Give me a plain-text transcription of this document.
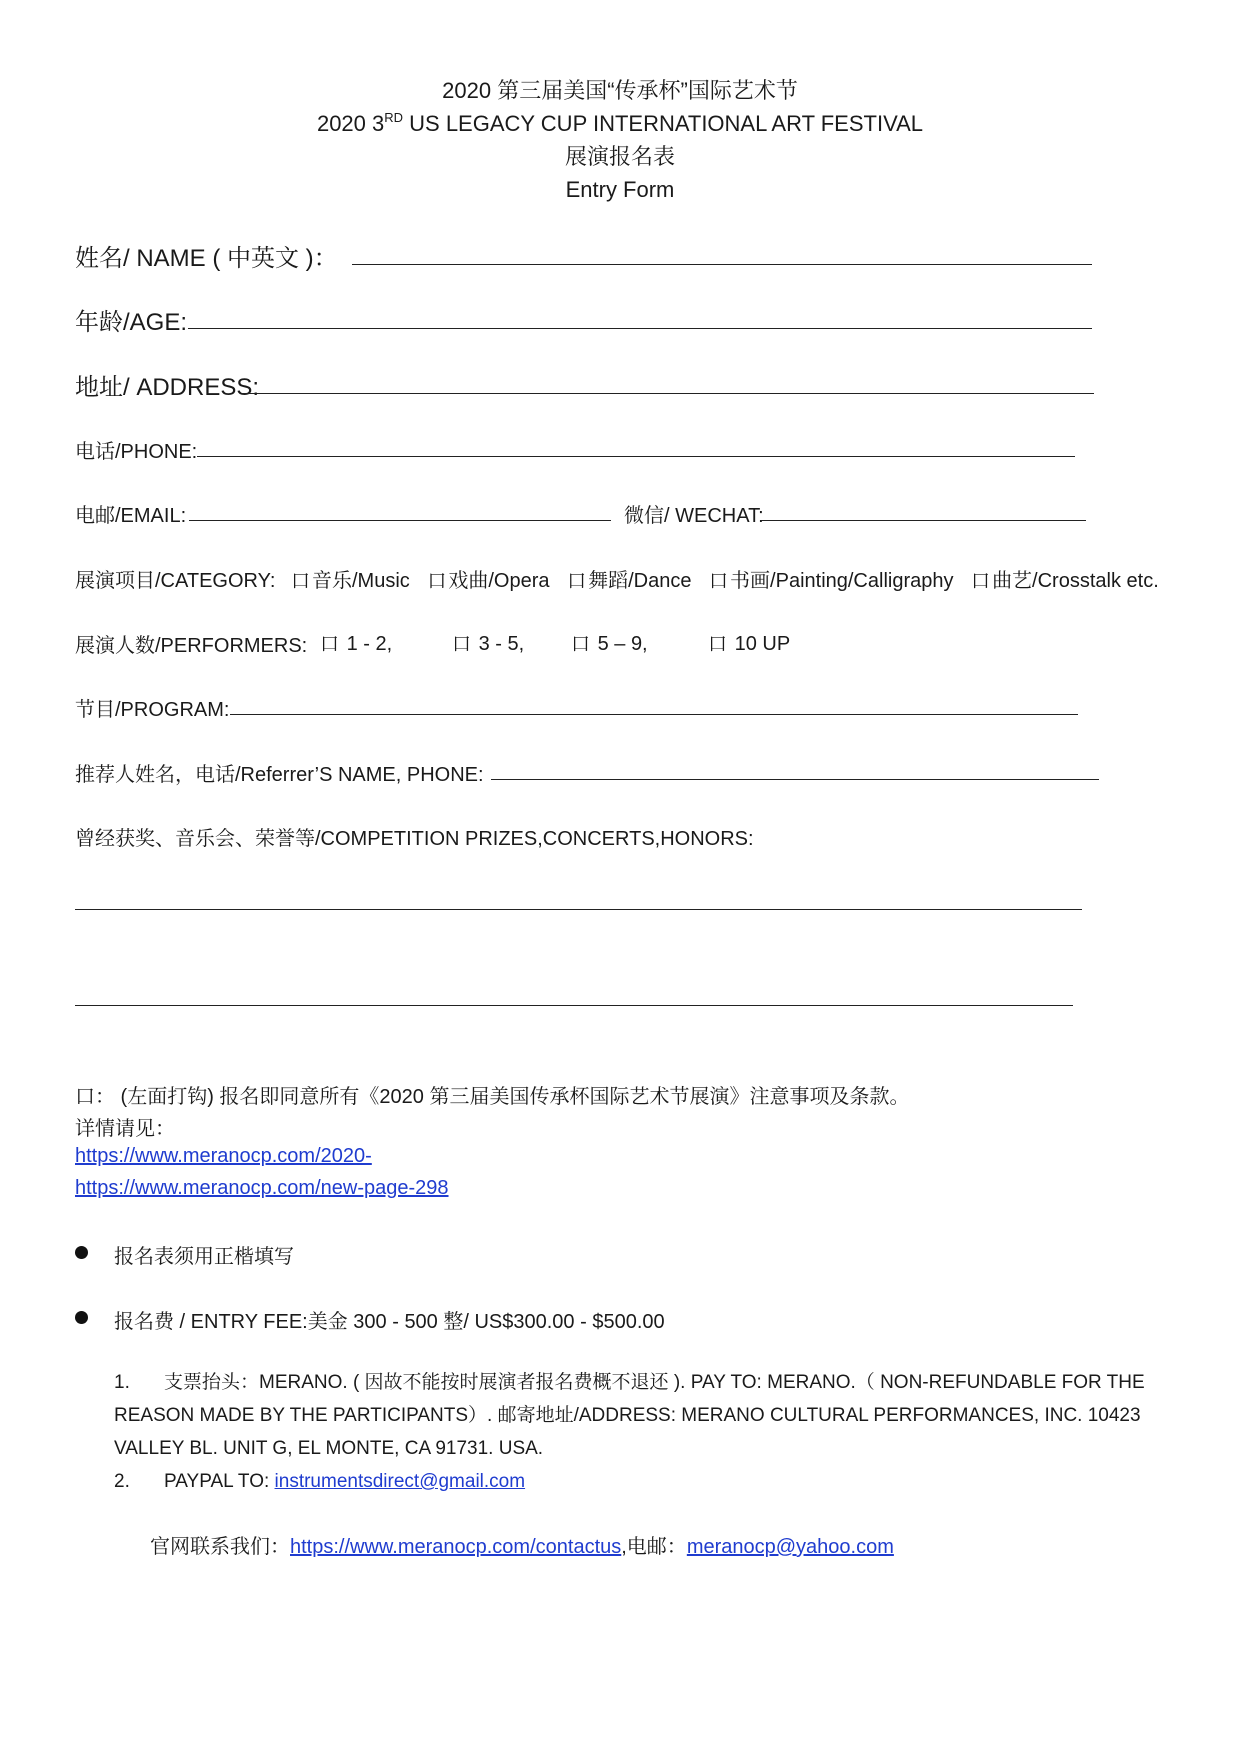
2020 第三届美国“传承杯”国际艺术节
2020 3RD US LEGACY CUP INTERNATIONAL ART FESTIVAL
展演报名表
Entry Form
姓名/ NAME ( 中英文 )：
年龄/AGE:
地址/ ADDRESS:
电话/PHONE:
电邮/EMAIL:	微信/ WECHAT:
展演项目/CATEGORY: 口 音乐/Music 口 戏曲/Opera 口 舞蹈/Dance 口 书画/Painting/Calligraphy 口 曲艺/Crosstalk etc.
展演人数/PERFORMERS: 口 1 - 2,	口 3 - 5, 口 5 – 9,	口 10 UP
节目/PROGRAM:
推荐人姓名，电话/Referrer’S NAME, PHONE:
曾经获奖、音乐会、荣誉等/COMPETITION PRIZES,CONCERTS,HONORS:
口： (左面打钩) 报名即同意所有《2020 第三届美国传承杯国际艺术节展演》注意事项及条款。
详情请见：
https://www.meranocp.com/2020-
https://www.meranocp.com/new-page-298
报名表须用正楷填写
报名费 / ENTRY FEE:美金 300 - 500 整/ US$300.00 - $500.00
1. 支票抬头：MERANO. ( 因故不能按时展演者报名费概不退还 ). PAY TO: MERANO.（ NON-REFUNDABLE FOR THE REASON MADE BY THE PARTICIPANTS）. 邮寄地址/ADDRESS: MERANO CULTURAL PERFORMANCES, INC. 10423 VALLEY BL. UNIT G, EL MONTE, CA 91731. USA.
2. PAYPAL TO: instrumentsdirect@gmail.com
官网联系我们：https://www.meranocp.com/contactus,电邮：meranocp@yahoo.com
